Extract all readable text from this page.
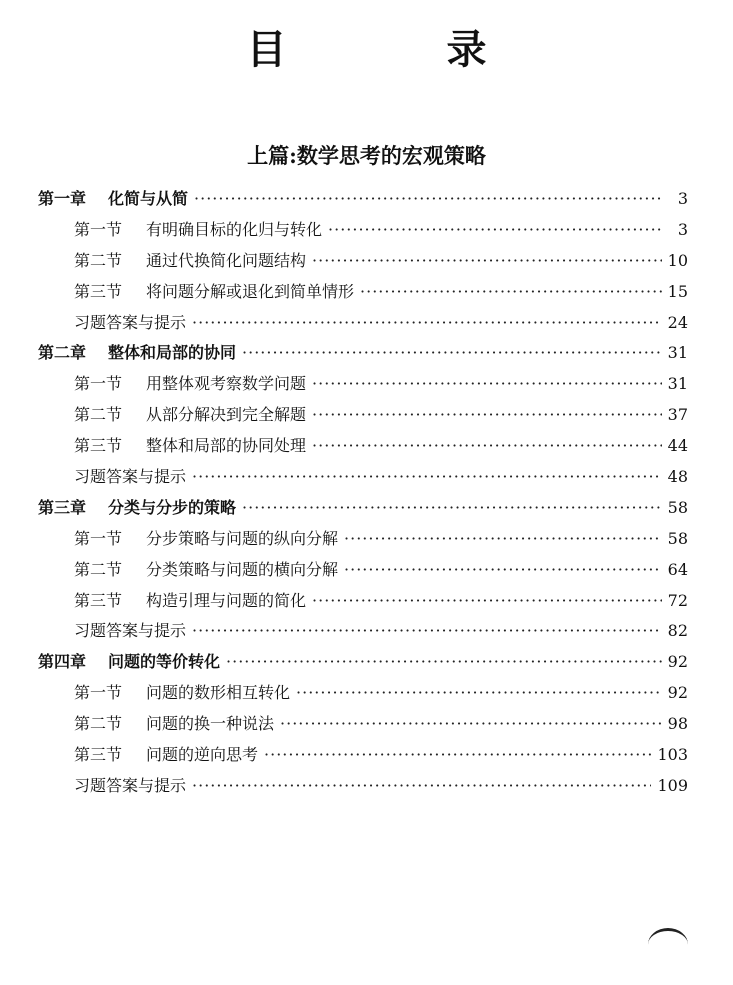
目　录
上篇:数学思考的宏观策略
第一章	化简与从简 ·····	3
第一节	有明确目标的化归与转化 ·····	3
第二节	通过代换简化问题结构 ·····	10
第三节	将问题分解或退化到简单情形 ·····	15
习题答案与提示 ·····	24
第二章	整体和局部的协同 ·····	31
第一节	用整体观考察数学问题 ·····	31
第二节	从部分解决到完全解题 ·····	37
第三节	整体和局部的协同处理 ·····	44
习题答案与提示 ·····	48
第三章	分类与分步的策略 ·····	58
第一节	分步策略与问题的纵向分解 ·····	58
第二节	分类策略与问题的横向分解 ·····	64
第三节	构造引理与问题的简化 ·····	72
习题答案与提示 ·····	82
第四章	问题的等价转化 ·····	92
第一节	问题的数形相互转化 ·····	92
第二节	问题的换一种说法 ·····	98
第三节	问题的逆向思考 ·····	103
习题答案与提示 ·····	109
